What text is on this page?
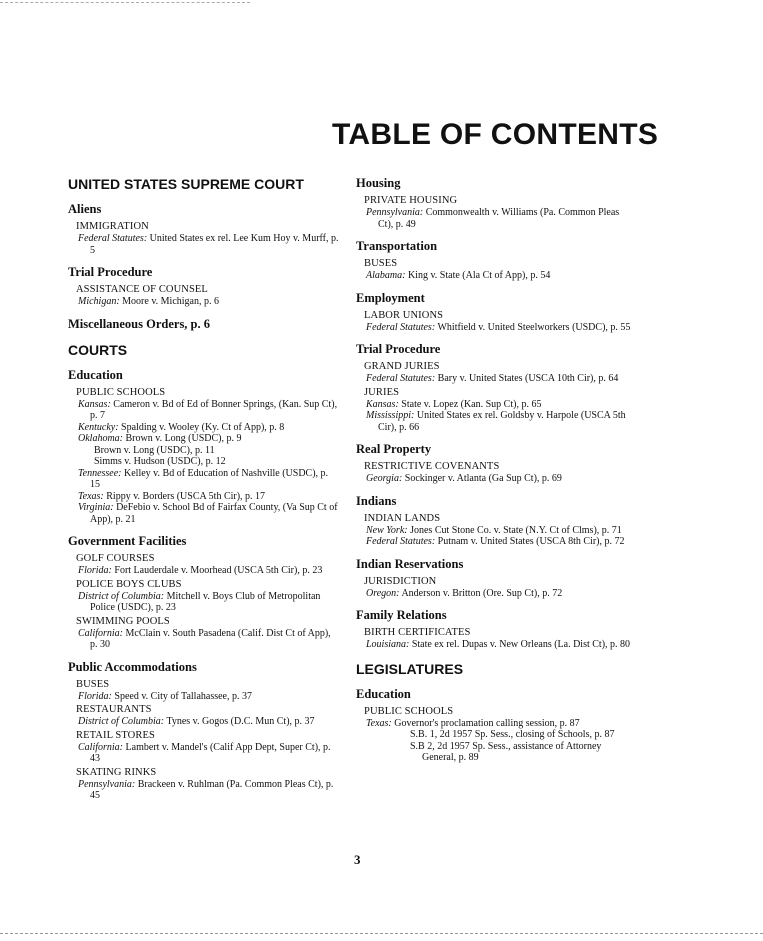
TABLE OF CONTENTS
UNITED STATES SUPREME COURT
Aliens
IMMIGRATION
Federal Statutes: United States ex rel. Lee Kum Hoy v. Murff, p. 5
Trial Procedure
ASSISTANCE OF COUNSEL
Michigan: Moore v. Michigan, p. 6
Miscellaneous Orders, p. 6
COURTS
Education
PUBLIC SCHOOLS
Kansas: Cameron v. Bd of Ed of Bonner Springs, (Kan. Sup Ct), p. 7
Kentucky: Spalding v. Wooley (Ky. Ct of App), p. 8
Oklahoma: Brown v. Long (USDC), p. 9
Brown v. Long (USDC), p. 11
Simms v. Hudson (USDC), p. 12
Tennessee: Kelley v. Bd of Education of Nashville (USDC), p. 15
Texas: Rippy v. Borders (USCA 5th Cir), p. 17
Virginia: DeFebio v. School Bd of Fairfax County, (Va Sup Ct of App), p. 21
Government Facilities
GOLF COURSES
Florida: Fort Lauderdale v. Moorhead (USCA 5th Cir), p. 23
POLICE BOYS CLUBS
District of Columbia: Mitchell v. Boys Club of Metropolitan Police (USDC), p. 23
SWIMMING POOLS
California: McClain v. South Pasadena (Calif. Dist Ct of App), p. 30
Public Accommodations
BUSES
Florida: Speed v. City of Tallahassee, p. 37
RESTAURANTS
District of Columbia: Tynes v. Gogos (D.C. Mun Ct), p. 37
RETAIL STORES
California: Lambert v. Mandel's (Calif App Dept, Super Ct), p. 43
SKATING RINKS
Pennsylvania: Brackeen v. Ruhlman (Pa. Common Pleas Ct), p. 45
Housing
PRIVATE HOUSING
Pennsylvania: Commonwealth v. Williams (Pa. Common Pleas Ct), p. 49
Transportation
BUSES
Alabama: King v. State (Ala Ct of App), p. 54
Employment
LABOR UNIONS
Federal Statutes: Whitfield v. United Steelworkers (USDC), p. 55
Trial Procedure
GRAND JURIES
Federal Statutes: Bary v. United States (USCA 10th Cir), p. 64
JURIES
Kansas: State v. Lopez (Kan. Sup Ct), p. 65
Mississippi: United States ex rel. Goldsby v. Harpole (USCA 5th Cir), p. 66
Real Property
RESTRICTIVE COVENANTS
Georgia: Sockinger v. Atlanta (Ga Sup Ct), p. 69
Indians
INDIAN LANDS
New York: Jones Cut Stone Co. v. State (N.Y. Ct of Clms), p. 71
Federal Statutes: Putnam v. United States (USCA 8th Cir), p. 72
Indian Reservations
JURISDICTION
Oregon: Anderson v. Britton (Ore. Sup Ct), p. 72
Family Relations
BIRTH CERTIFICATES
Louisiana: State ex rel. Dupas v. New Orleans (La. Dist Ct), p. 80
LEGISLATURES
Education
PUBLIC SCHOOLS
Texas: Governor's proclamation calling session, p. 87
S.B. 1, 2d 1957 Sp. Sess., closing of Schools, p. 87
S.B 2, 2d 1957 Sp. Sess., assistance of Attorney General, p. 89
3
